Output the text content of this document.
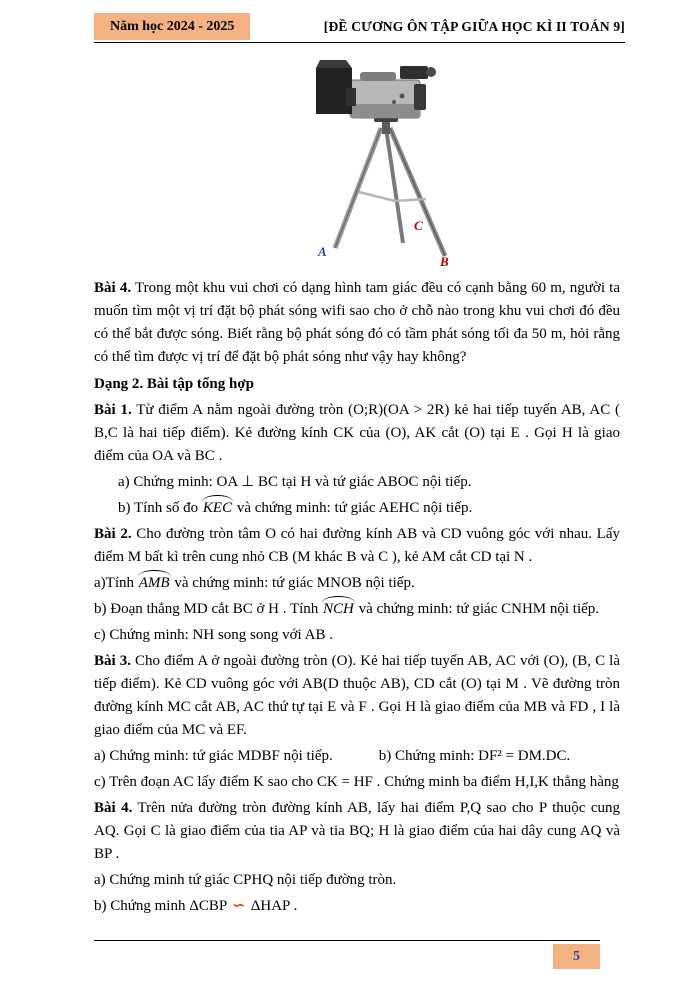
Năm học 2024 - 2025	[ĐỀ CƯƠNG ÔN TẬP GIỮA HỌC KÌ II TOÁN 9]
A
B
C

Bài 4. Trong một khu vui chơi có dạng hình tam giác đều có cạnh bằng 60 m, người ta muốn tìm một vị trí đặt bộ phát sóng wifi sao cho ở chỗ nào trong khu vui chơi đó đều có thể bắt được sóng. Biết rằng bộ phát sóng đó có tầm phát sóng tối đa 50 m, hỏi rằng có thể tìm được vị trí để đặt bộ phát sóng như vậy hay không?

Dạng 2. Bài tập tổng hợp

Bài 1. Từ điểm A nằm ngoài đường tròn (O;R)(OA > 2R) kẻ hai tiếp tuyến AB, AC ( B,C là hai tiếp điểm). Kẻ đường kính CK của (O), AK cắt (O) tại E . Gọi H là giao điểm của OA và BC .

a) Chứng minh: OA ⊥ BC tại H và tứ giác ABOC nội tiếp.

b) Tính số đo KEC và chứng minh: tứ giác AEHC nội tiếp.

Bài 2. Cho đường tròn tâm O có hai đường kính AB và CD vuông góc với nhau. Lấy điểm M bất kì trên cung nhỏ CB (M khác B và C ), kẻ AM cắt CD tại N .

a)Tính AMB và chứng minh: tứ giác MNOB nội tiếp.

b) Đoạn thẳng MD cắt BC ở H . Tính NCH và chứng minh: tứ giác CNHM nội tiếp.

c) Chứng minh: NH song song với AB .

Bài 3. Cho điểm A ở ngoài đường tròn (O). Kẻ hai tiếp tuyến AB, AC với (O), (B, C là tiếp điểm). Kẻ CD vuông góc với AB(D thuộc AB), CD cắt (O) tại M . Vẽ đường tròn đường kính MC cắt AB, AC thứ tự tại E và F . Gọi H là giao điểm của MB và FD , I là giao điểm của MC và EF.

a) Chứng minh: tứ giác MDBF nội tiếp.	b) Chứng minh: DF² = DM.DC.

c) Trên đoạn AC lấy điểm K sao cho CK = HF . Chứng minh ba điểm H,I,K thẳng hàng

Bài 4. Trên nửa đường tròn đường kính AB, lấy hai điểm P,Q sao cho P thuộc cung AQ. Gọi C là giao điểm của tia AP và tia BQ; H là giao điểm của hai dây cung AQ và BP .

a) Chứng minh tứ giác CPHQ nội tiếp đường tròn.

b) Chứng minh ΔCBP ∽ ΔHAP .

5
